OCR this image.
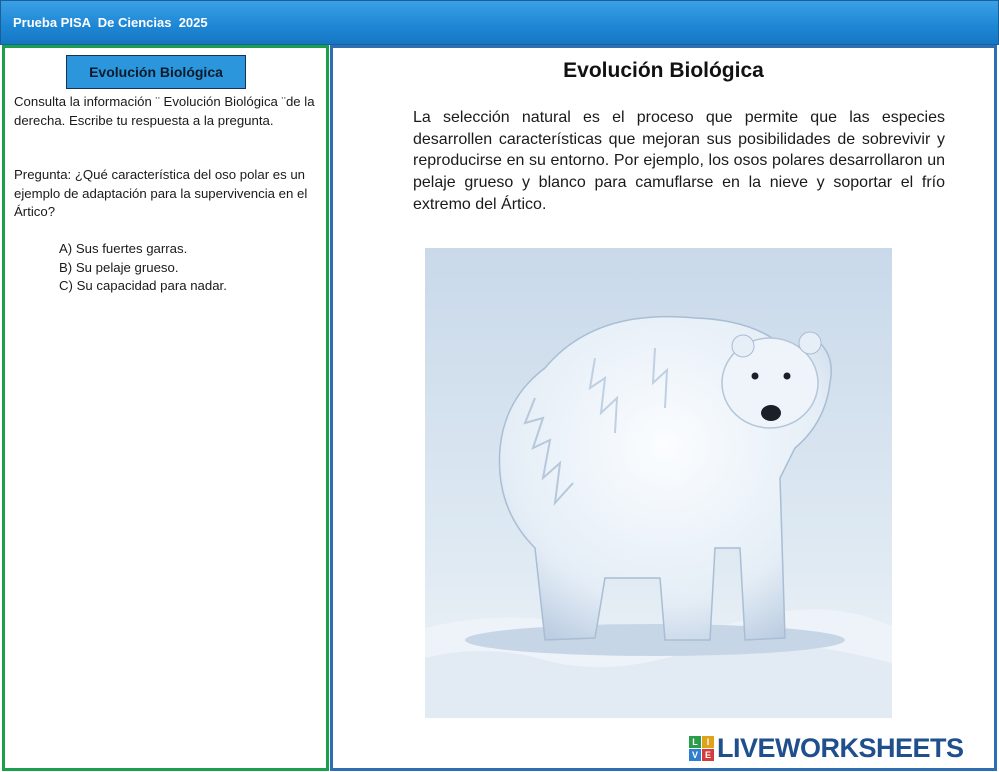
Prueba PISA  De Ciencias  2025
Evolución Biológica
Consulta la información ¨ Evolución Biológica ¨de la derecha. Escribe tu respuesta a la pregunta.
Pregunta: ¿Qué característica del oso polar es un ejemplo de adaptación para la supervivencia en el Ártico?
A) Sus fuertes garras.
B) Su pelaje grueso.
C) Su capacidad para nadar.
Evolución Biológica
La selección natural es el proceso que permite que las especies desarrollen características que mejoran sus posibilidades de sobrevivir y reproducirse en su entorno. Por ejemplo, los osos polares desarrollaron un pelaje grueso y blanco para camuflarse en la nieve y soportar el frío extremo del Ártico.
L I
V E LIVEWORKSHEETS
